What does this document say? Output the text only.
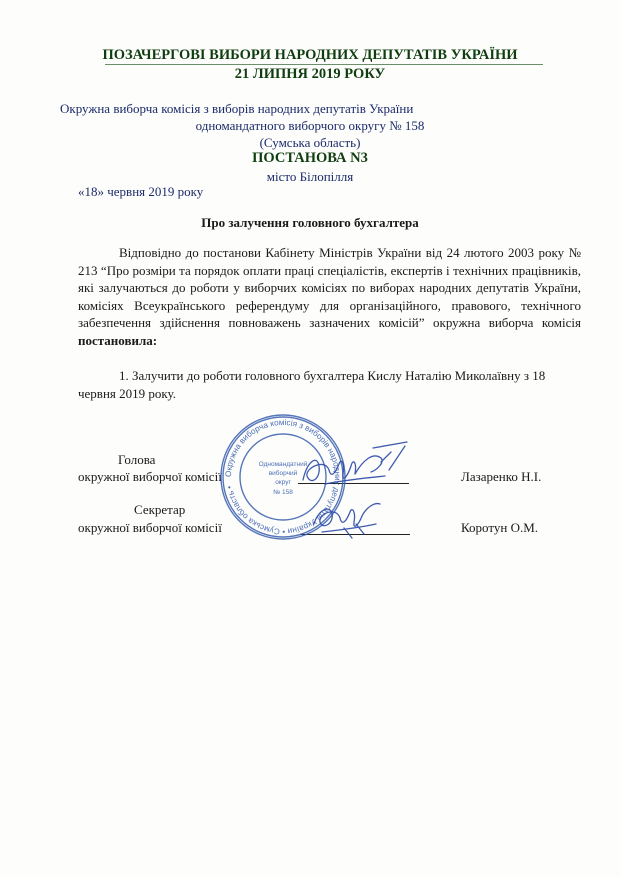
ПОЗАЧЕРГОВІ ВИБОРИ НАРОДНИХ ДЕПУТАТІВ УКРАЇНИ
21 ЛИПНЯ 2019 РОКУ
Окружна виборча комісія з виборів народних депутатів України
одномандатного виборчого округу № 158
(Сумська область)
ПОСТАНОВА N3
місто Білопілля
«18» червня 2019 року
Про залучення головного бухгалтера
Відповідно до постанови Кабінету Міністрів України від 24 лютого 2003 року № 213 “Про розміри та порядок оплати праці спеціалістів, експертів і технічних працівників, які залучаються до роботи у виборчих комісіях по виборах народних депутатів України, комісіях Всеукраїнського референдуму для організаційного, правового, технічного забезпечення здійснення повноважень зазначених комісій” окружна виборча комісія постановила:
1. Залучити до роботи головного бухгалтера Кислу Наталію Миколаївну з 18 червня 2019 року.
Голова
окружної виборчої комісії	Лазаренко Н.І.
Секретар
окружної виборчої комісії	Коротун О.М.
Окружна виборча комісія з виборів народних депутатів України • Сумська область •
Одномандатний
виборчий
округ
№ 158
